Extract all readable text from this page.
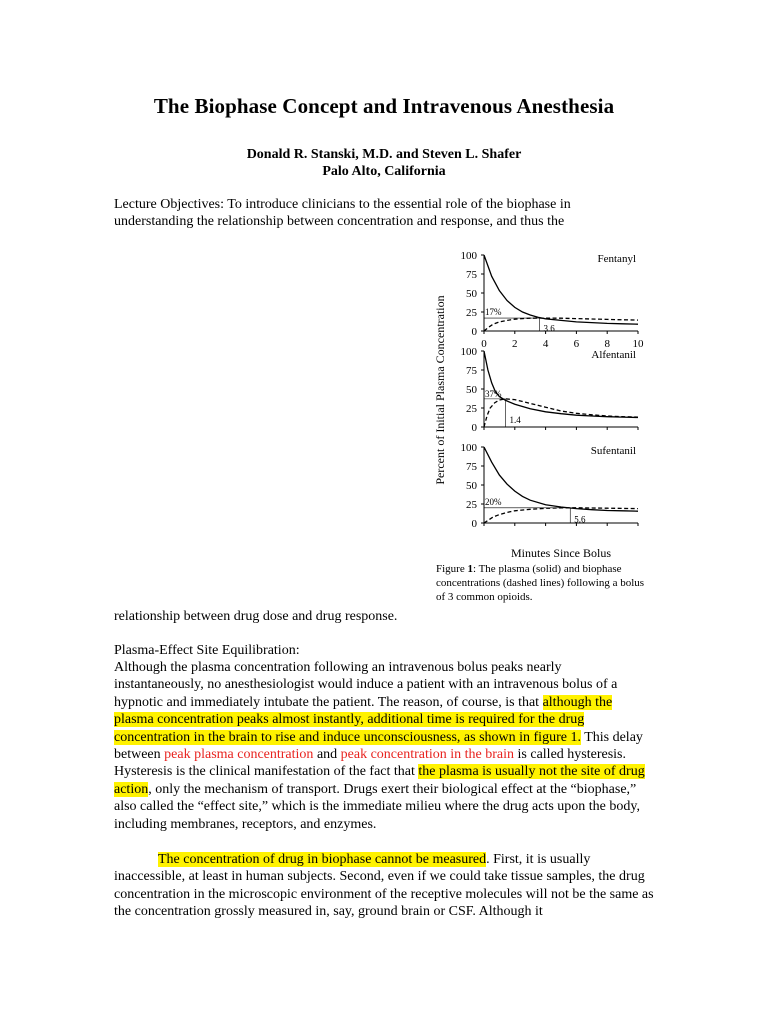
The Biophase Concept and Intravenous Anesthesia
Donald R. Stanski, M.D. and Steven L. Shafer
Palo Alto, California
Lecture Objectives: To introduce clinicians to the essential role of the biophase in
understanding the relationship between concentration and response, and thus the
0
25
50
75
100
0 2 4 6 8 10
Fentanyl
17%
3.6
0
25
50
75
100	Alfentanil
37%
1.4
0
25
50
75
100	Sufentanil
20%
5.6
Percent of Initial Plasma Concentration
Minutes Since Bolus
Figure 1: The plasma (solid) and biophase concentrations (dashed lines) following a bolus of 3 common opioids.
relationship between drug dose and drug response.
Plasma-Effect Site Equilibration:
Although the plasma concentration following an intravenous bolus peaks nearly instantaneously, no anesthesiologist would induce a patient with an intravenous bolus of a hypnotic and immediately intubate the patient. The reason, of course, is that although the plasma concentration peaks almost instantly, additional time is required for the drug concentration in the brain to rise and induce unconsciousness, as shown in figure 1. This delay between peak plasma concentration and peak concentration in the brain is called hysteresis. Hysteresis is the clinical manifestation of the fact that the plasma is usually not the site of drug action, only the mechanism of transport. Drugs exert their biological effect at the “biophase,” also called the “effect site,” which is the immediate milieu where the drug acts upon the body, including membranes, receptors, and enzymes.
The concentration of drug in biophase cannot be measured. First, it is usually inaccessible, at least in human subjects. Second, even if we could take tissue samples, the drug concentration in the microscopic environment of the receptive molecules will not be the same as the concentration grossly measured in, say, ground brain or CSF. Although it
